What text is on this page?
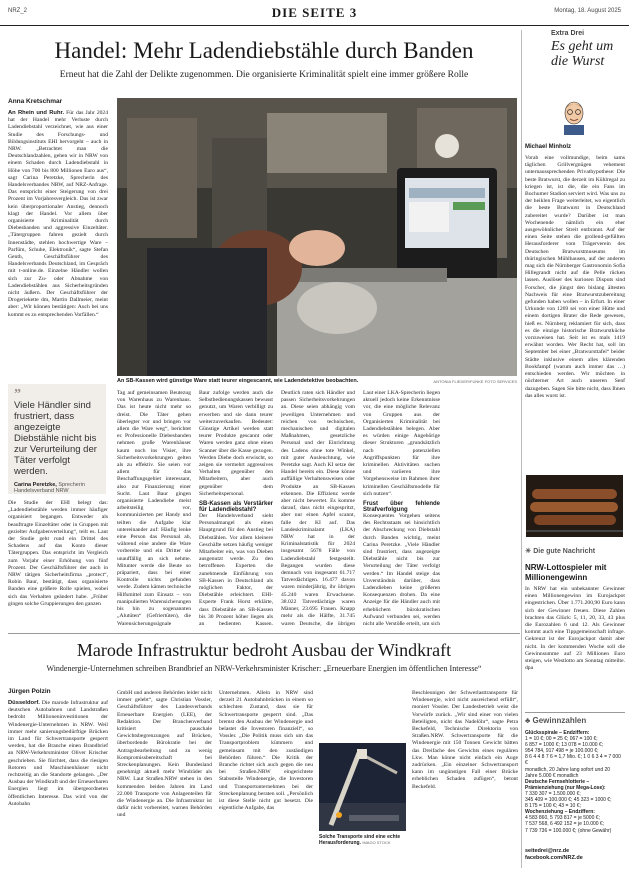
NRZ_2	DIE SEITE 3	Montag, 18. August 2025
Handel: Mehr Ladendiebstähle durch Banden
Erneut hat die Zahl der Delikte zugenommen. Die organisierte Kriminalität spielt eine immer größere Rolle
Anna Kretschmar
An Rhein und Ruhr. Für das Jahr 2024 hat der Handel mehr Verluste durch Ladendiebstahl verzeichnet, wie aus einer Studie des Forschungs- und Bildungsinstituts EHI hervorgeht – auch in NRW. „Betrachtet man die Deutschlandzahlen, gehen wir in NRW von einem Schaden durch Ladendiebstahl in Höhe von 700 bis 800 Millionen Euro aus“, sagt Carina Peretzke, Sprecherin des Handelsverbandes NRW, auf NRZ-Anfrage. Das entspricht einer Steigerung von drei Prozent im Vorjahresvergleich. Das ist zwar kein überproportionaler Anstieg, dennoch klagt der Handel. Vor allem über organisierte Kriminalität durch Diebesbanden und aggressive Einzeltäter. „Tätergruppen fahren gezielt durch Innenstädte, stehlen hochwertige Ware – Parfüm, Schuhe, Elektronik“, sagte Stefan Genth, Geschäftsführer des Handelsverbands Deutschland, im Gespräch mit t-online.de. Einzelne Händler wollen sich zur Zu- oder Abnahme von Ladendiebstählen aus Sicherheitsgründen nicht äußern. Der Geschäftsführer der Drogeriekette dm, Martin Dallmeier, meint aber: „Wir können bestätigen: Auch bei uns kommt es zu entsprechenden Vorfällen.“
An SB-Kassen wird günstige Ware statt teurer eingescannt, wie Ladendetektive beobachten.	ANTONIA FLIEDER/FUNKE FOTO SERVICES
”
Viele Händler sind frustriert, dass angezeigte Diebstähle nicht bis zur Verurteilung der Täter verfolgt werden.
Carina Peretzke, Sprecherin Handelsverband NRW
Die Studie der EHI belegt das: „Ladendiebstähle werden immer häufiger organisiert begangen. Entweder als beauftragte Einzeltäter oder in Gruppen mit gezielter Aufgabenverteilung“, teilt es. Laut der Studie geht rund ein Drittel des Schadens auf das Konto dieser Tätergruppen. Das entspricht im Vergleich zum Vorjahr einer Erhöhung von fünf Prozent. Der Geschäftsführer der auch in NRW tätigen Sicherheitsfirma „protect“, Robin Baur, bestätigt, dass organisierte Banden eine größere Rolle spielen, wobei sich das Verhalten geändert habe. „Früher gingen solche Gruppierungen den ganzen
Tag auf gemeinsamen Beutezug von Warenhaus zu Warenhaus. Das ist heute nicht mehr so dreist. Die Täter gehen überlegter vor und bringen vor allem die Ware weg“, berichtet er. Professionelle Diebesbanden nehmen große Warenhäuser kaum noch ins Visier, ihre Sicherheitsvorkehrungen gelten als zu effektiv. Sie seien vor allem für das Beschaffungsgebiet interessant, also zur Finanzierung einer Sucht. Laut Baur gingen organisierte Ladendiebe meist arbeitsteilig vor, kommunizierten per Handy und teilten die Aufgabe klar untereinander auf: Häufig lenke eine Person das Personal ab, während eine andere die Ware vorbereite und ein Dritter sie unauffällig an sich nehme. Mitunter werde die Beute so präpariert, dass bei einer Kontrolle nichts gefunden werde. Zudem kämen technische Hilfsmittel zum Einsatz – von manipulierten Warensicherungen bis hin zu sogenannten „Alutüten“ (Gefriertüten), die Warensicherungssignale
Baur zufolge werden auch die Selbstbedienungskassen bewusst genutzt, um Waren verbilligt zu erwerben und sie dann teurer weiterzuverkaufen. Bedeutet: Günstige Artikel werden statt teurer Produkte gescannt oder Waren werden ganz ohne einen Scanner über die Kasse gezogen. Werden Diebe doch erwischt, so zeigen sie vermehrt aggressives Verhalten gegenüber den Mitarbeitern, aber auch gegenüber dem Sicherheitspersonal.
SB-Kassen als Verstärker für Ladendiebstahl?
Der Handelsverband sieht Personalmangel als einen Hauptgrund für den Anstieg bei Diebstählen. Vor allem kleinere Geschäfte setzen häufig weniger Mitarbeiter ein, was von Dieben ausgenutzt werde. Zu den betroffenen Experten die zunehmende Einführung von SB-Kassen in Deutschland als möglichen Faktor, der Diebstähle erleichtert. EHI-Experte Frank Horst erklärte, dass Diebstähle an SB-Kassen bis 30 Prozent höher liegen als an bedienten Kassen.
Deutlich raten sich Händler und passen Sicherheitsvorkehrungen an. Diese seien abhängig vom jeweiligen Unternehmen und reichen von technischen, mechanischen und digitalen Maßnahmen, gesetzliche Personal und der Einrichtung des Ladens ohne tote Winkel, mit guter Ausleuchtung, wie Peretzke sagt. Auch KI setze der Handel bereits ein. Diese könne auffällige Verhaltensweisen oder Produkte an SB-Kassen erkennen. Die Effizienz werde aber nicht bewertet. Es komme darauf, dass nicht eingespritzt, aber nur einen Apfel scannt, falle der KI auf. Das Landeskriminalamt (LKA) NRW hat in der Kriminalstatistik für 2024 insgesamt 5678 Fälle von Ladendiebstahl festgestellt. Begangen wurden diese demnach von insgesamt 61.717 Tatverdächtigen. 16.477 davon waren minderjährig, ihr übrigen 45.240 waren Erwachsene. 38.022 Tatverdächtige waren Männer, 23.695 Frauen. Knapp mehr als die Hälfte, 31.745 waren Deutsche, die übrigen
Laut einer LKA-Sprecherin liegen aktuell jedoch keine Erkenntnisse vor, die eine mögliche Relevanz von Gruppen aus der Organisierten Kriminalität bei Ladendiebstählen belegen. Aber es würden einige Angehörige dieser Strukturen „grundsätzlich nach potenziellen Angriffspunkten für ihre kriminellen Aktivitäten suchen und variieren ihre Vorgehensweise im Rahmen ihrer kriminellen Geschäftsmodelle für sich nutzen“.
Frust über fehlende Strafverfolgung
Konsequentes Vorgehen seitens des Rechtsstaats sei hinsichtlich der Abschreckung von Diebstahl durch Banden wichtig, meint Carina Peretzke. „Viele Händler sind frustriert, dass angezeigte Diebstähle nicht bis zur Verurteilung der Täter verfolgt werden.“ Im Handel steige das Unverständnis darüber, dass Ladendieben keine größeren Konsequenzen drohen. Da eine Anzeige für die Händler auch mit erheblichem bürokratischen Aufwand verbunden sei, werden nicht alle Verstöße erteilt, um sich
Marode Infrastruktur bedroht Ausbau der Windkraft
Windenergie-Unternehmen schreiben Brandbrief an NRW-Verkehrsminister Krischer: „Erneuerbare Energien im öffentlichen Interesse“
Jürgen Polzin
Düsseldorf. Die marode Infrastruktur auf deutschen Autobahnen und Landstraßen bedroht Millioneninvestitionen der Windenergie-Unternehmen in NRW. Weil immer mehr sanierungsbedürftige Brücken im Land für Schwertransporte gesperrt werden, hat die Branche einen Brandbrief an NRW-Verkehrsminister Oliver Krischer geschrieben. Sie fürchtet, dass die riesigen Rotoren und Maschinenhäuser nicht rechtzeitig an die Standorte gelangen. „Der Ausbau der Windkraft und der Erneuerbaren Energien liegt im übergeordneten öffentlichen Interesse. Das wird von der Autobahn
GmbH und anderen Behörden leider nicht immer gelebt“, sagte Christian Vossler, Geschäftsführer des Landesverbands Erneuerbare Energien (LEE), der Redaktion. Der Branchenverband kritisiert pauschale Gewichtsbegrenzungen auf Brücken, überbordende Bürokratie bei der Antragsbearbeitung und zu wenig Kompromissbereitschaft bei Streckenplanungen. Kein Bundesland genehmigt aktuell mehr Windräder als NRW. Laut Straßen.NRW stehen in den kommenden beiden Jahren im Land 22.000 Transporte von Anlagenteilen für die Windenergie an. Die Infrastruktur ist dafür nicht vorbereitet, warnen Behörden und
Unternehmen. Allein in NRW sind derzeit 21 Autobahnbrücken in einem so schlechten Zustand, dass sie für Schwertransporte gesperrt sind. „Das bremst den Ausbau der Windenergie und belastet die Investoren finanziell“, so Vossler. „Die Politik muss sich um das Transportproblem kümmern und gemeinsam mit den zuständigen Behörden führen.“ Die Kritik der Branche richtet sich auch gegen die neu bei Straßen.NRW eingerichtete Stabsstelle Windenergie, die Investoren und Transportunternehmen bei der Streckenplanung beraten soll. „Persönlich ist diese Stelle nicht gut besetzt. Die eigentliche Aufgabe, das
Solche Transporte sind eine echte Herausforderung. IMAGO STOCK
Beschleunigen der Schwerlasttransporte für Windenergie, wird nicht ausreichend erfüllt“, moniert Vossler. Der Landesbetrieb weist die Vorwürfe zurück. „Wir sind einer von vielen Beteiligten, nicht das Nadelöhr“, sagte Petra Beckefeld, Technische Direktorin von Straßen.NRW. Schwertransporte für die Windenergie mit 150 Tonnen Gewicht bätten das Dreifache des Gewichts eines regulären Lkw. Man könne nicht einfach ein Auge zudrücken. „Ein einzelner Schwertransport kann im ungünstigen Fall einer Brücke erheblichen Schaden zufügen“, betont Beckefeld.
Extra Drei
Es geht um die Wurst
Michael Minholz
Vorab eine vollmundige, beim sams täglichen Grillvergnügen vehement unternaussprechenden Privathypothese: Die beste Bratwurst, die derzeit im Kühlregal zu kriegen ist, ist die, die ein Fans im Bochumer Stadion serviert wird. Was uns zu der heiklen Frage weiterleitet, wo eigentlich die beste Bratwurst in Deutschland zubereitet wurde? Darüber ist man Wochenende nämlich ein eher ausgewöhnlicher Streit entbrannt. Auf der einen Seite stehen die grollend-gefüllten Herausforderer vom Trägerverein des Deutschen Bratwurstmuseums im thüringischen Mühlhausen, auf der anderen mag sich die Nürnberger Gastronomin Sofia Hillegrandt nicht auf die Pelle rücken lassen. Auslöser des kuriosen Disputs sind Forscher, die jüngst den bislang ältesten Nachweis für eine Bratwurstzubereitung gefunden haben wollen – in Erfurt. In einer Urkunde von 1269 sei von einer Hütte und einem dortigen Brater die Rede gewesen, hieß es. Nürnberg reklamiert für sich, dass es die einzige historische Bratwurstküche vorzuweisen hat. Seit ist es mals 1419 erwähnt worden. Wer Recht hat, soll im September bei einer „Bratwursttafel“ beider Städte inklusive einem alles klärenden Bookfampf (warum auch immer das …) entschieden werden. Wir möchten in nüchterner Art auch unseren Senf dazugeben. Sagen Sie bitte nicht, dass Ihnen das alles wurst ist.
☀ Die gute Nachricht
NRW-Lottospieler mit Millionengewinn
In NRW hat ein unbekannter Gewinner einen Millionengewinn im Eurojackpot eingestrichen. Über 1.771.200,90 Euro kann sich der Gewinner freuen. Diese Zahlen brachten das Glück: 5, 11, 20, 33, 43 plus die Eurozahlen 6 und 12. Als Gewinner kommt auch eine Tippgemeinschaft infrage. Gekreuzt ist der Eurojackpot damit aber nicht. In der kommenden Woche soll die Gewinnsumme auf 23 Millionen Euro steigen, wie Westlotto am Sonntag mitteilte. dpa
♣ Gewinnzahlen
Glücksspirale – Endziffern:
1 = 10 €; 00 = 25 €; 067 = 100 €;
6 857 = 1000 €; 13 078 = 10.000 €;
954 784, 917 498 = je 100.000 €;
8 6 4 4 8 7 6 = 1,7 Mio. €; 1 0 6 3 4 = 7 000 €
monatlich, 20 Jahre lang sofort und 20
Jahre 5.000 € monatlich
Deutsche Fernsehlotterie –
Prämienziehung (nur Mega-Lose):
7 330 307 = 1.500.000 €;
345 409 = 100.000 €; 45 323 = 1000 €;
8 175 = 100 €; 43 = 10 €;
Wochenziehung – Endziffern:
4 583 860, 5 793 817 = je 5000 €;
7 537 568, 6 492 152 = je 10.000 €;
7 739 736 = 100.000 €; (ohne Gewähr)
seitedrei@nrz.de
facebook.com/NRZ.de
